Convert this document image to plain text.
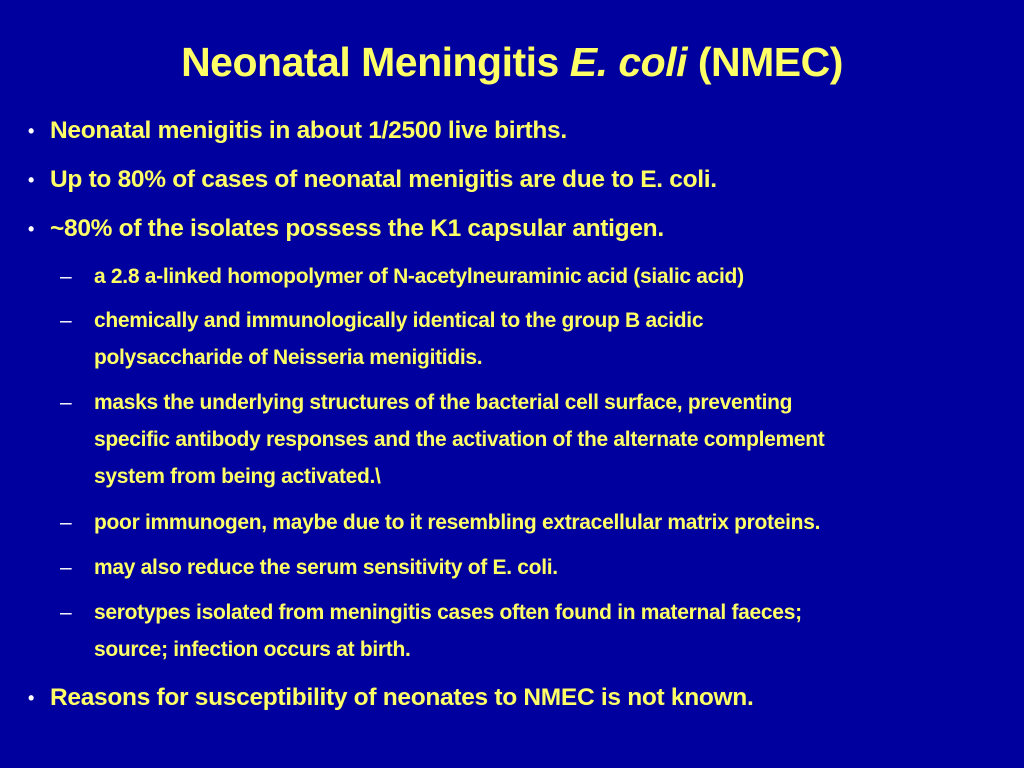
Neonatal Meningitis E. coli (NMEC)
• Neonatal menigitis in about 1/2500 live births.
• Up to 80% of cases of neonatal menigitis are due to E. coli.
• ~80% of the isolates possess the K1 capsular antigen.
–	a 2.8 a-linked homopolymer of N-acetylneuraminic acid (sialic acid)
–	chemically and immunologically identical to the group B acidic
polysaccharide of Neisseria menigitidis.
–	masks the underlying structures of the bacterial cell surface, preventing
specific antibody responses and the activation of the alternate complement
system from being activated.\
–	poor immunogen, maybe due to it resembling extracellular matrix proteins.
–	may also reduce the serum sensitivity of E. coli.
–	serotypes isolated from meningitis cases often found in maternal faeces;
source; infection occurs at birth.
• Reasons for susceptibility of neonates to NMEC is not known.
